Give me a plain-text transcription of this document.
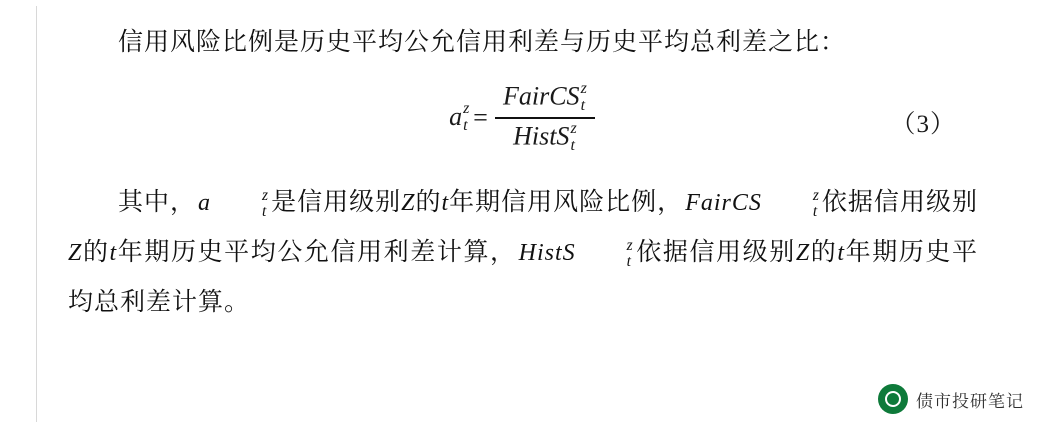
信用风险比例是历史平均公允信用利差与历史平均总利差之比：

a z
t = FairCS z
t
HistS z
t	（3）

其中，a	z
t 是信用级别Z的t年期信用风险比例，FairCS	z
t 依据信用级别Z的t年期历史平均公允信用利差计算，HistS	z
t 依据信用级别Z的t年期历史平均总利差计算。

债市投研笔记
